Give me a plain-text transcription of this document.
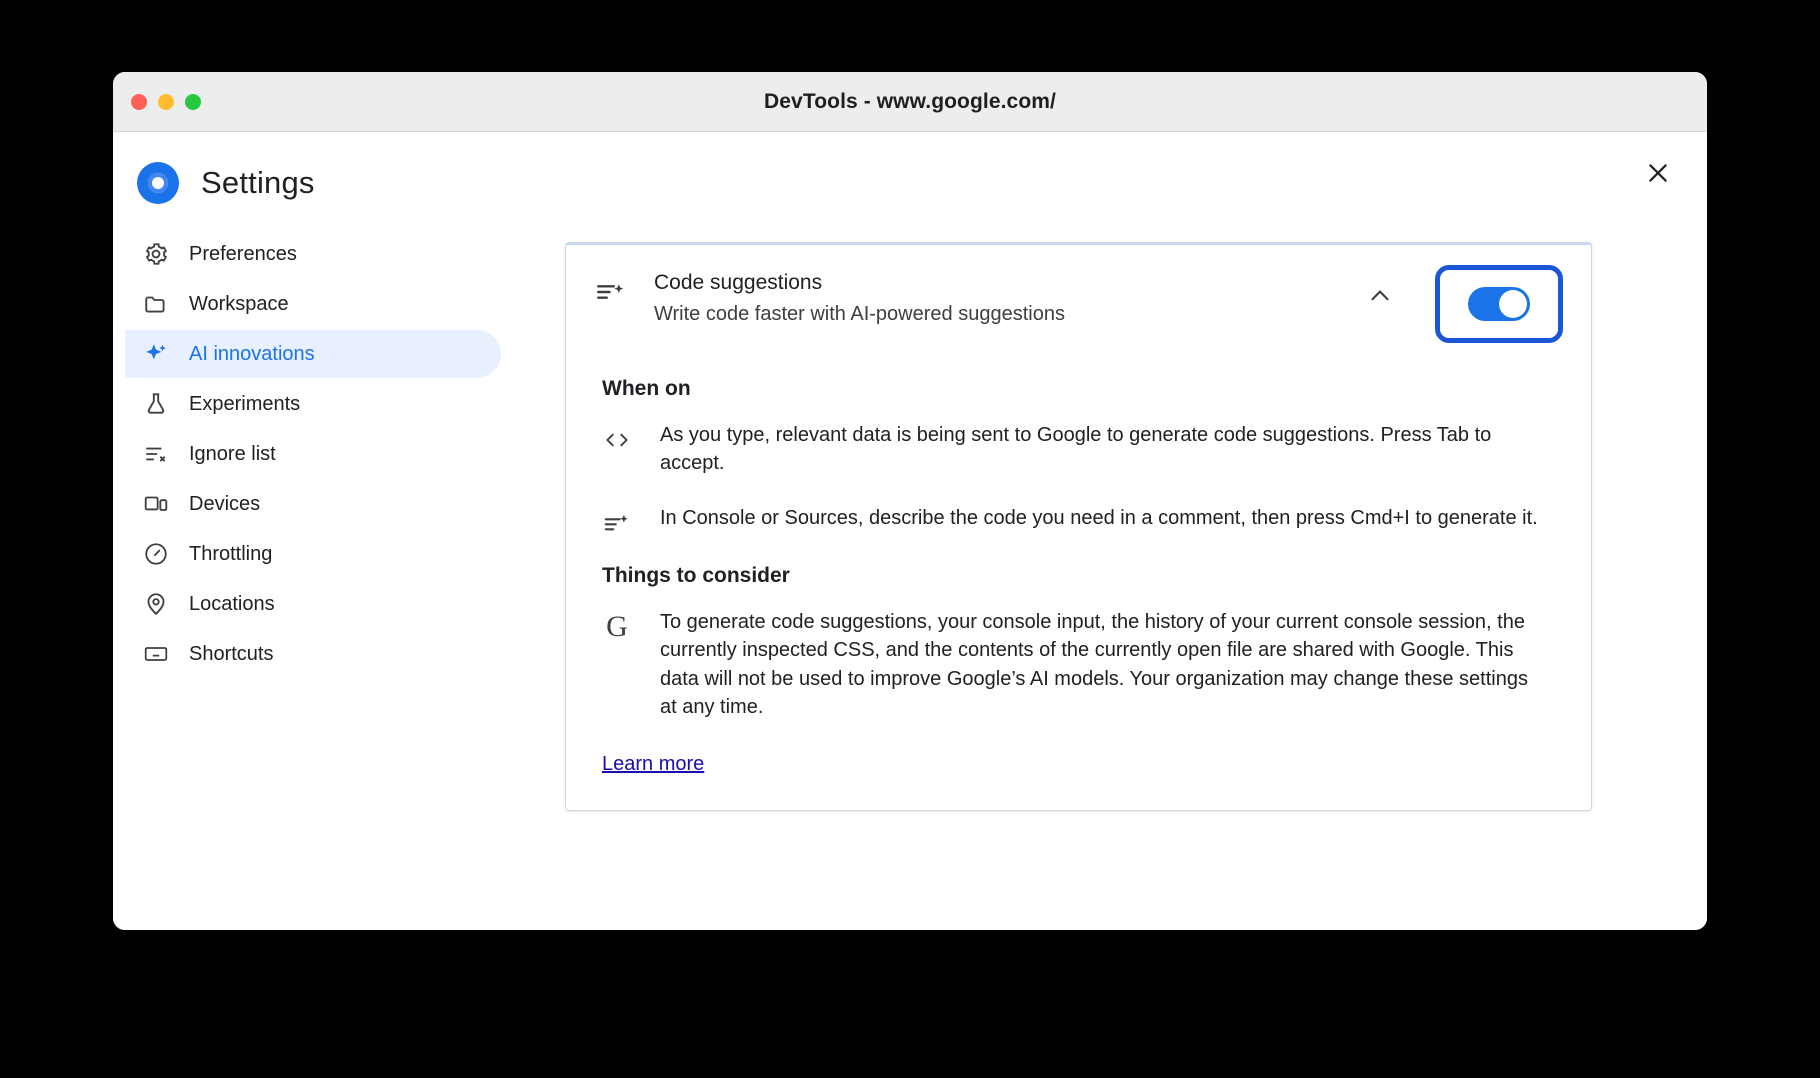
DevTools - www.google.com/
Settings
Preferences
Workspace
AI innovations
Experiments
Ignore list
Devices
Throttling
Locations
Shortcuts
Code suggestions
Write code faster with AI-powered suggestions
When on
As you type, relevant data is being sent to Google to generate code suggestions. Press Tab to accept.
In Console or Sources, describe the code you need in a comment, then press Cmd+I to generate it.
Things to consider
G To generate code suggestions, your console input, the history of your current console session, the currently inspected CSS, and the contents of the currently open file are shared with Google. This data will not be used to improve Google’s AI models. Your organization may change these settings at any time.
Learn more
